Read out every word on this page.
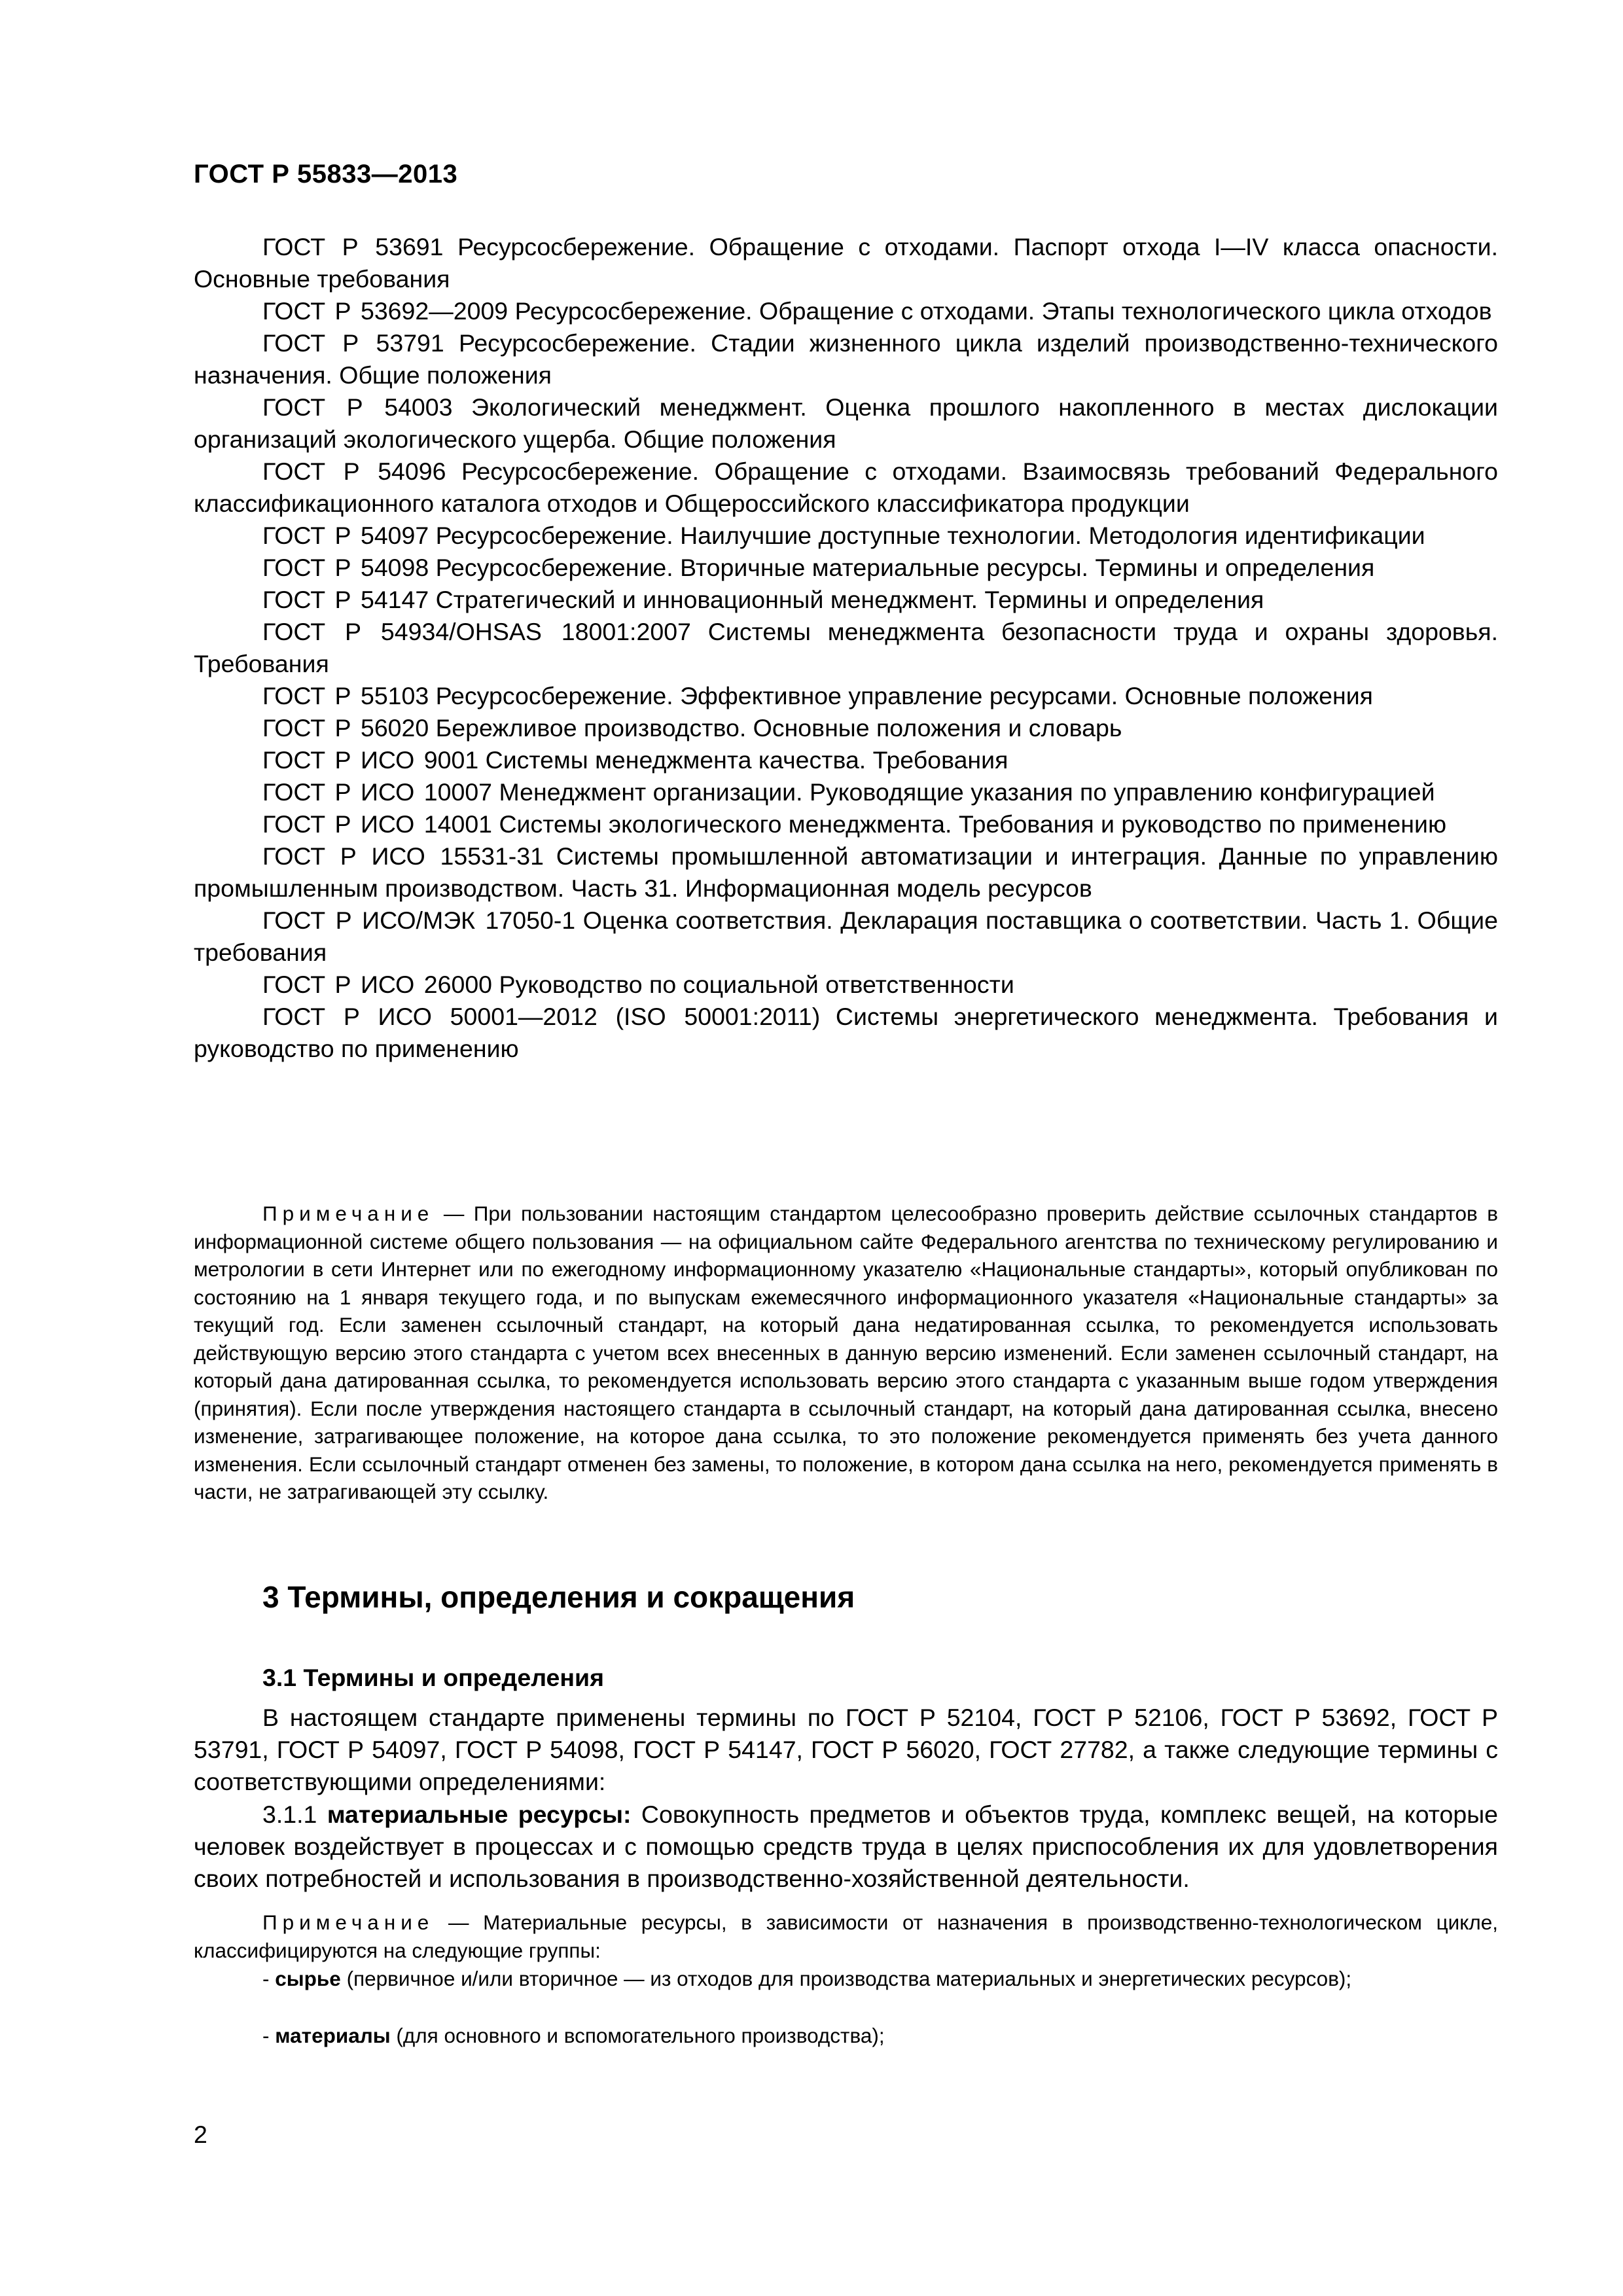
ГОСТ Р 55833—2013

ГОСТ Р 53691 Ресурсосбережение. Обращение с отходами. Паспорт отхода I—IV класса опасности. Основные требования

ГОСТ Р 53692—2009 Ресурсосбережение. Обращение с отходами. Этапы технологического цикла отходов

ГОСТ Р 53791 Ресурсосбережение. Стадии жизненного цикла изделий производственно-технического назначения. Общие положения

ГОСТ Р 54003 Экологический менеджмент. Оценка прошлого накопленного в местах дислокации организаций экологического ущерба. Общие положения

ГОСТ Р 54096 Ресурсосбережение. Обращение с отходами. Взаимосвязь требований Федерального классификационного каталога отходов и Общероссийского классификатора продукции

ГОСТ Р 54097 Ресурсосбережение. Наилучшие доступные технологии. Методология идентификации

ГОСТ Р 54098 Ресурсосбережение. Вторичные материальные ресурсы. Термины и определения

ГОСТ Р 54147 Стратегический и инновационный менеджмент. Термины и определения

ГОСТ Р 54934/OHSAS 18001:2007 Системы менеджмента безопасности труда и охраны здоровья. Требования

ГОСТ Р 55103 Ресурсосбережение. Эффективное управление ресурсами. Основные положения

ГОСТ Р 56020 Бережливое производство. Основные положения и словарь

ГОСТ Р ИСО 9001 Системы менеджмента качества. Требования

ГОСТ Р ИСО 10007 Менеджмент организации. Руководящие указания по управлению конфигурацией

ГОСТ Р ИСО 14001 Системы экологического менеджмента. Требования и руководство по применению

ГОСТ Р ИСО 15531-31 Системы промышленной автоматизации и интеграция. Данные по управлению промышленным производством. Часть 31. Информационная модель ресурсов

ГОСТ Р ИСО/МЭК 17050-1 Оценка соответствия. Декларация поставщика о соответствии. Часть 1. Общие требования

ГОСТ Р ИСО 26000 Руководство по социальной ответственности

ГОСТ Р ИСО 50001—2012 (ISO 50001:2011) Системы энергетического менеджмента. Требования и руководство по применению

Примечание — При пользовании настоящим стандартом целесообразно проверить действие ссылочных стандартов в информационной системе общего пользования — на официальном сайте Федерального агентства по техническому регулированию и метрологии в сети Интернет или по ежегодному информационному указателю «Национальные стандарты», который опубликован по состоянию на 1 января текущего года, и по выпускам ежемесячного информационного указателя «Национальные стандарты» за текущий год. Если заменен ссылочный стандарт, на который дана недатированная ссылка, то рекомендуется использовать действующую версию этого стандарта с учетом всех внесенных в данную версию изменений. Если заменен ссылочный стандарт, на который дана датированная ссылка, то рекомендуется использовать версию этого стандарта с указанным выше годом утверждения (принятия). Если после утверждения настоящего стандарта в ссылочный стандарт, на который дана датированная ссылка, внесено изменение, затрагивающее положение, на которое дана ссылка, то это положение рекомендуется применять без учета данного изменения. Если ссылочный стандарт отменен без замены, то положение, в котором дана ссылка на него, рекомендуется применять в части, не затрагивающей эту ссылку.

3 Термины, определения и сокращения
3.1 Термины и определения

В настоящем стандарте применены термины по ГОСТ Р 52104, ГОСТ Р 52106, ГОСТ Р 53692, ГОСТ Р 53791, ГОСТ Р 54097, ГОСТ Р 54098, ГОСТ Р 54147, ГОСТ Р 56020, ГОСТ 27782, а также следующие термины с соответствующими определениями:

3.1.1 материальные ресурсы: Совокупность предметов и объектов труда, комплекс вещей, на которые человек воздействует в процессах и с помощью средств труда в целях приспособления их для удовлетворения своих потребностей и использования в производственно-хозяйственной деятельности.

Примечание — Материальные ресурсы, в зависимости от назначения в производственно-технологическом цикле, классифицируются на следующие группы:

- сырье (первичное и/или вторичное — из отходов для производства материальных и энергетических ресурсов);

- материалы (для основного и вспомогательного производства);

2
